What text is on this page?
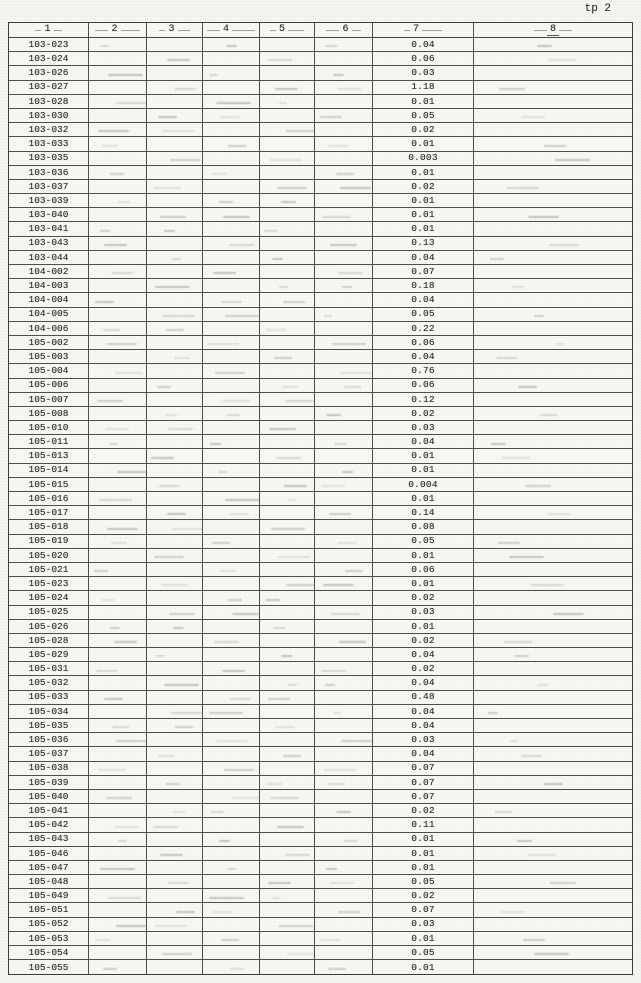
tp 2
1	2	3	4	5	6	7	8
103-023	0.04
103-024	0.06
103-026	0.03
103-027	1.18
103-028	0.01
103-030	0.05
103-032	0.02
103-033	0.01
103-035	0.003
103-036	0.01
103-037	0.02
103-039	0.01
103-040	0.01
103-041	0.01
103-043	0.13
103-044	0.04
104-002	0.07
104-003	0.18
104-004	0.04
104-005	0.05
104-006	0.22
105-002	0.06
105-003	0.04
105-004	0.76
105-006	0.06
105-007	0.12
105-008	0.02
105-010	0.03
105-011	0.04
105-013	0.01
105-014	0.01
105-015	0.004
105-016	0.01
105-017	0.14
105-018	0.08
105-019	0.05
105-020	0.01
105-021	0.06
105-023	0.01
105-024	0.02
105-025	0.03
105-026	0.01
105-028	0.02
105-029	0.04
105-031	0.02
105-032	0.04
105-033	0.48
105-034	0.04
105-035	0.04
105-036	0.03
105-037	0.04
105-038	0.07
105-039	0.07
105-040	0.07
105-041	0.02
105-042	0.11
105-043	0.01
105-046	0.01
105-047	0.01
105-048	0.05
105-049	0.02
105-051	0.07
105-052	0.03
105-053	0.01
105-054	0.05
105-055	0.01
